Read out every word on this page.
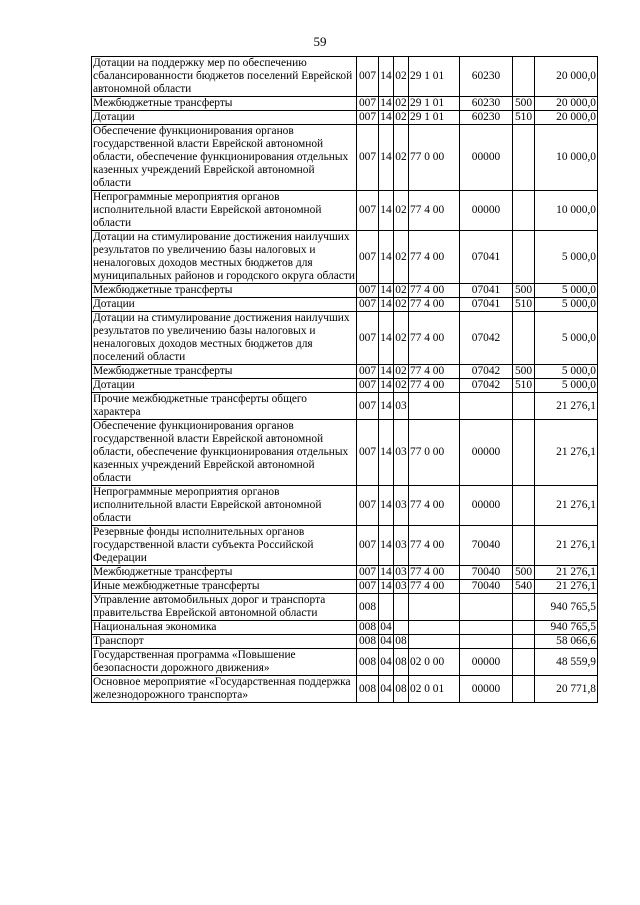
59
Дотации на поддержку мер по обеспечению сбалансированности бюджетов поселений Еврейской автономной области	007	14	02	29 1 01	60230		20 000,0
Межбюджетные трансферты	007	14	02	29 1 01	60230	500	20 000,0
Дотации	007	14	02	29 1 01	60230	510	20 000,0
Обеспечение функционирования органов государственной власти Еврейской автономной области, обеспечение функционирования отдельных казенных учреждений Еврейской автономной области	007	14	02	77 0 00	00000		10 000,0
Непрограммные мероприятия органов исполнительной власти Еврейской автономной области	007	14	02	77 4 00	00000		10 000,0
Дотации на стимулирование достижения наилучших результатов по увеличению базы налоговых и неналоговых доходов местных бюджетов для муниципальных районов и городского округа области	007	14	02	77 4 00	07041		5 000,0
Межбюджетные трансферты	007	14	02	77 4 00	07041	500	5 000,0
Дотации	007	14	02	77 4 00	07041	510	5 000,0
Дотации на стимулирование достижения наилучших результатов по увеличению базы налоговых и неналоговых доходов местных бюджетов для поселений области	007	14	02	77 4 00	07042		5 000,0
Межбюджетные трансферты	007	14	02	77 4 00	07042	500	5 000,0
Дотации	007	14	02	77 4 00	07042	510	5 000,0
Прочие межбюджетные трансферты общего характера	007	14	03				21 276,1
Обеспечение функционирования органов государственной власти Еврейской автономной области, обеспечение функционирования отдельных казенных учреждений Еврейской автономной области	007	14	03	77 0 00	00000		21 276,1
Непрограммные мероприятия органов исполнительной власти Еврейской автономной области	007	14	03	77 4 00	00000		21 276,1
Резервные фонды исполнительных органов государственной власти субъекта Российской Федерации	007	14	03	77 4 00	70040		21 276,1
Межбюджетные трансферты	007	14	03	77 4 00	70040	500	21 276,1
Иные межбюджетные трансферты	007	14	03	77 4 00	70040	540	21 276,1
Управление автомобильных дорог и транспорта правительства Еврейской автономной области	008						940 765,5
Национальная экономика	008	04					940 765,5
Транспорт	008	04	08				58 066,6
Государственная программа «Повышение безопасности дорожного движения»	008	04	08	02 0 00	00000		48 559,9
Основное мероприятие «Государственная поддержка железнодорожного транспорта»	008	04	08	02 0 01	00000		20 771,8
